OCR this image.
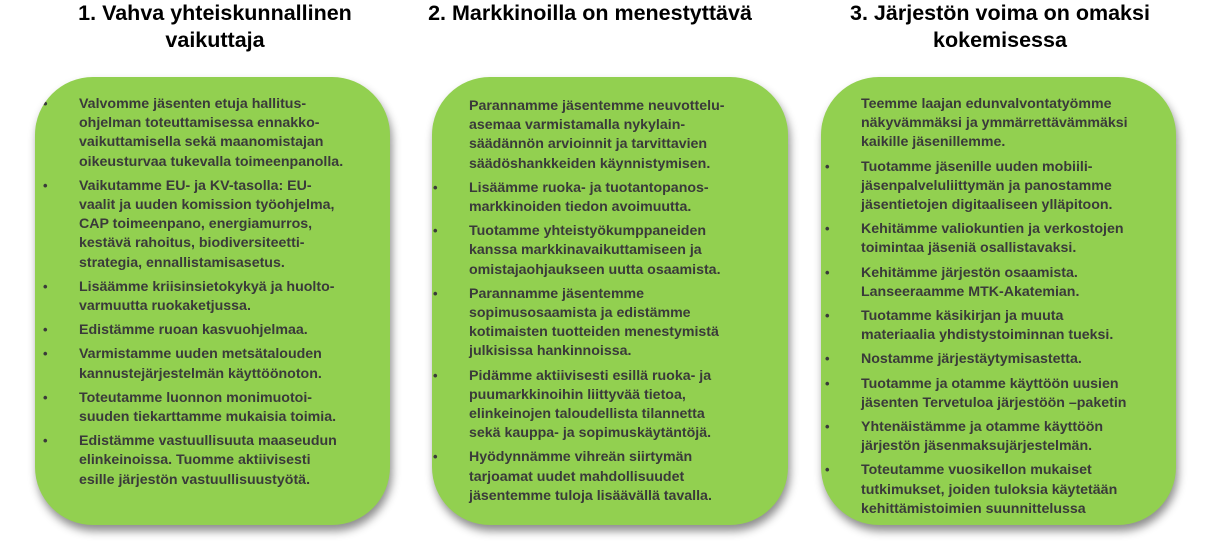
1. Vahva yhteiskunnallinen
vaikuttaja
• Valvomme jäsenten etuja hallitus-
ohjelman toteuttamisessa ennakko-
vaikuttamisella sekä maanomistajan
oikeusturvaa tukevalla toimeenpanolla.
• Vaikutamme EU- ja KV-tasolla: EU-
vaalit ja uuden komission työohjelma,
CAP toimeenpano, energiamurros,
kestävä rahoitus, biodiversiteetti-
strategia, ennallistamisasetus.
• Lisäämme kriisinsietokykyä ja huolto-
varmuutta ruokaketjussa.
• Edistämme ruoan kasvuohjelmaa.
• Varmistamme uuden metsätalouden
kannustejärjestelmän käyttöönoton.
• Toteutamme luonnon monimuotoi-
suuden tiekarttamme mukaisia toimia.
• Edistämme vastuullisuuta maaseudun
elinkeinoissa. Tuomme aktiivisesti
esille järjestön vastuullisuustyötä.
2. Markkinoilla on menestyttävä
• Parannamme jäsentemme neuvottelu-
asemaa varmistamalla nykylain-
säädännön arvioinnit ja tarvittavien
säädöshankkeiden käynnistymisen.
• Lisäämme ruoka- ja tuotantopanos-
markkinoiden tiedon avoimuutta.
• Tuotamme yhteistyökumppaneiden
kanssa markkinavaikuttamiseen ja
omistajaohjaukseen uutta osaamista.
• Parannamme jäsentemme
sopimusosaamista ja edistämme
kotimaisten tuotteiden menestymistä
julkisissa hankinnoissa.
• Pidämme aktiivisesti esillä ruoka- ja
puumarkkinoihin liittyvää tietoa,
elinkeinojen taloudellista tilannetta
sekä kauppa- ja sopimuskäytäntöjä.
• Hyödynnämme vihreän siirtymän
tarjoamat uudet mahdollisuudet
jäsentemme tuloja lisäävällä tavalla.
3. Järjestön voima on omaksi
kokemisessa
• Teemme laajan edunvalvontatyömme
näkyvämmäksi ja ymmärrettävämmäksi
kaikille jäsenillemme.
• Tuotamme jäsenille uuden mobiili-
jäsenpalveluliittymän ja panostamme
jäsentietojen digitaaliseen ylläpitoon.
• Kehitämme valiokuntien ja verkostojen
toimintaa jäseniä osallistavaksi.
• Kehitämme järjestön osaamista.
Lanseeraamme MTK-Akatemian.
• Tuotamme käsikirjan ja muuta
materiaalia yhdistystoiminnan tueksi.
• Nostamme järjestäytymisastetta.
• Tuotamme ja otamme käyttöön uusien
jäsenten Tervetuloa järjestöön –paketin
• Yhtenäistämme ja otamme käyttöön
järjestön jäsenmaksujärjestelmän.
• Toteutamme vuosikellon mukaiset
tutkimukset, joiden tuloksia käytetään
kehittämistoimien suunnittelussa
